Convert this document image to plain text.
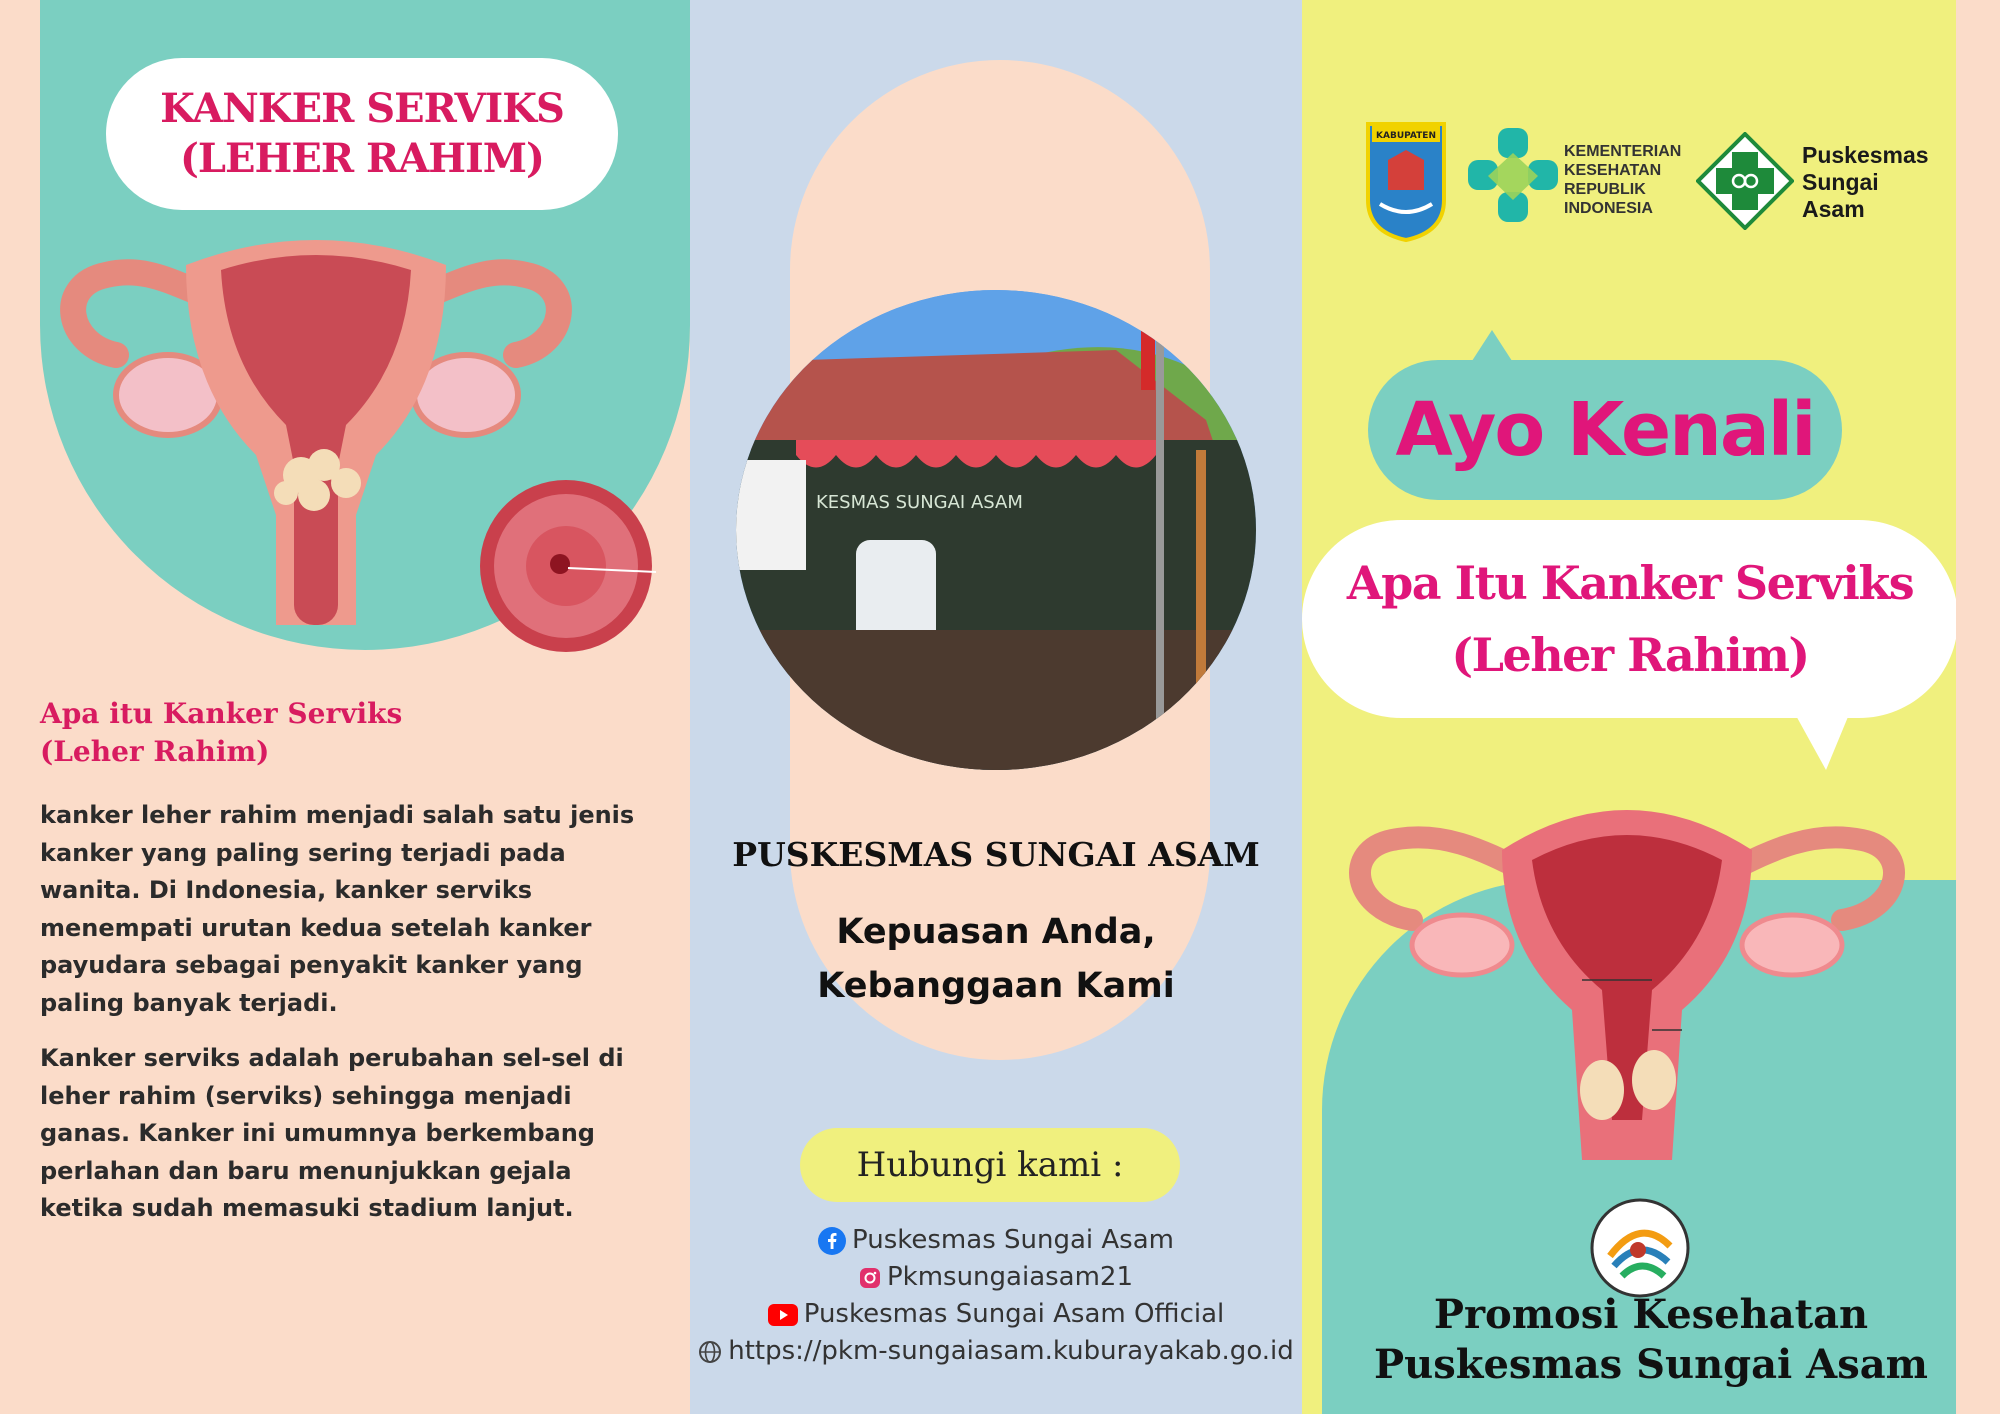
KANKER SERVIKS
(LEHER RAHIM)
Apa itu Kanker Serviks
(Leher Rahim)
kanker leher rahim menjadi salah satu jenis
kanker yang paling sering terjadi pada
wanita. Di Indonesia, kanker serviks
menempati urutan kedua setelah kanker
payudara sebagai penyakit kanker yang
paling banyak terjadi.
Kanker serviks adalah perubahan sel-sel di
leher rahim (serviks) sehingga menjadi
ganas. Kanker ini umumnya berkembang
perlahan dan baru menunjukkan gejala
ketika sudah memasuki stadium lanjut.
KESMAS SUNGAI ASAM
PUSKESMAS SUNGAI ASAM
Kepuasan Anda,
Kebanggaan Kami
Hubungi kami :
Puskesmas Sungai Asam
Pkmsungaiasam21
Puskesmas Sungai Asam Official
https://pkm-sungaiasam.kuburayakab.go.id
KABUPATEN
KEMENTERIAN
KESEHATAN
REPUBLIK
INDONESIA
Puskesmas
Sungai
Asam
Ayo Kenali
Apa Itu Kanker Serviks
(Leher Rahim)
Promosi Kesehatan
Puskesmas Sungai Asam
